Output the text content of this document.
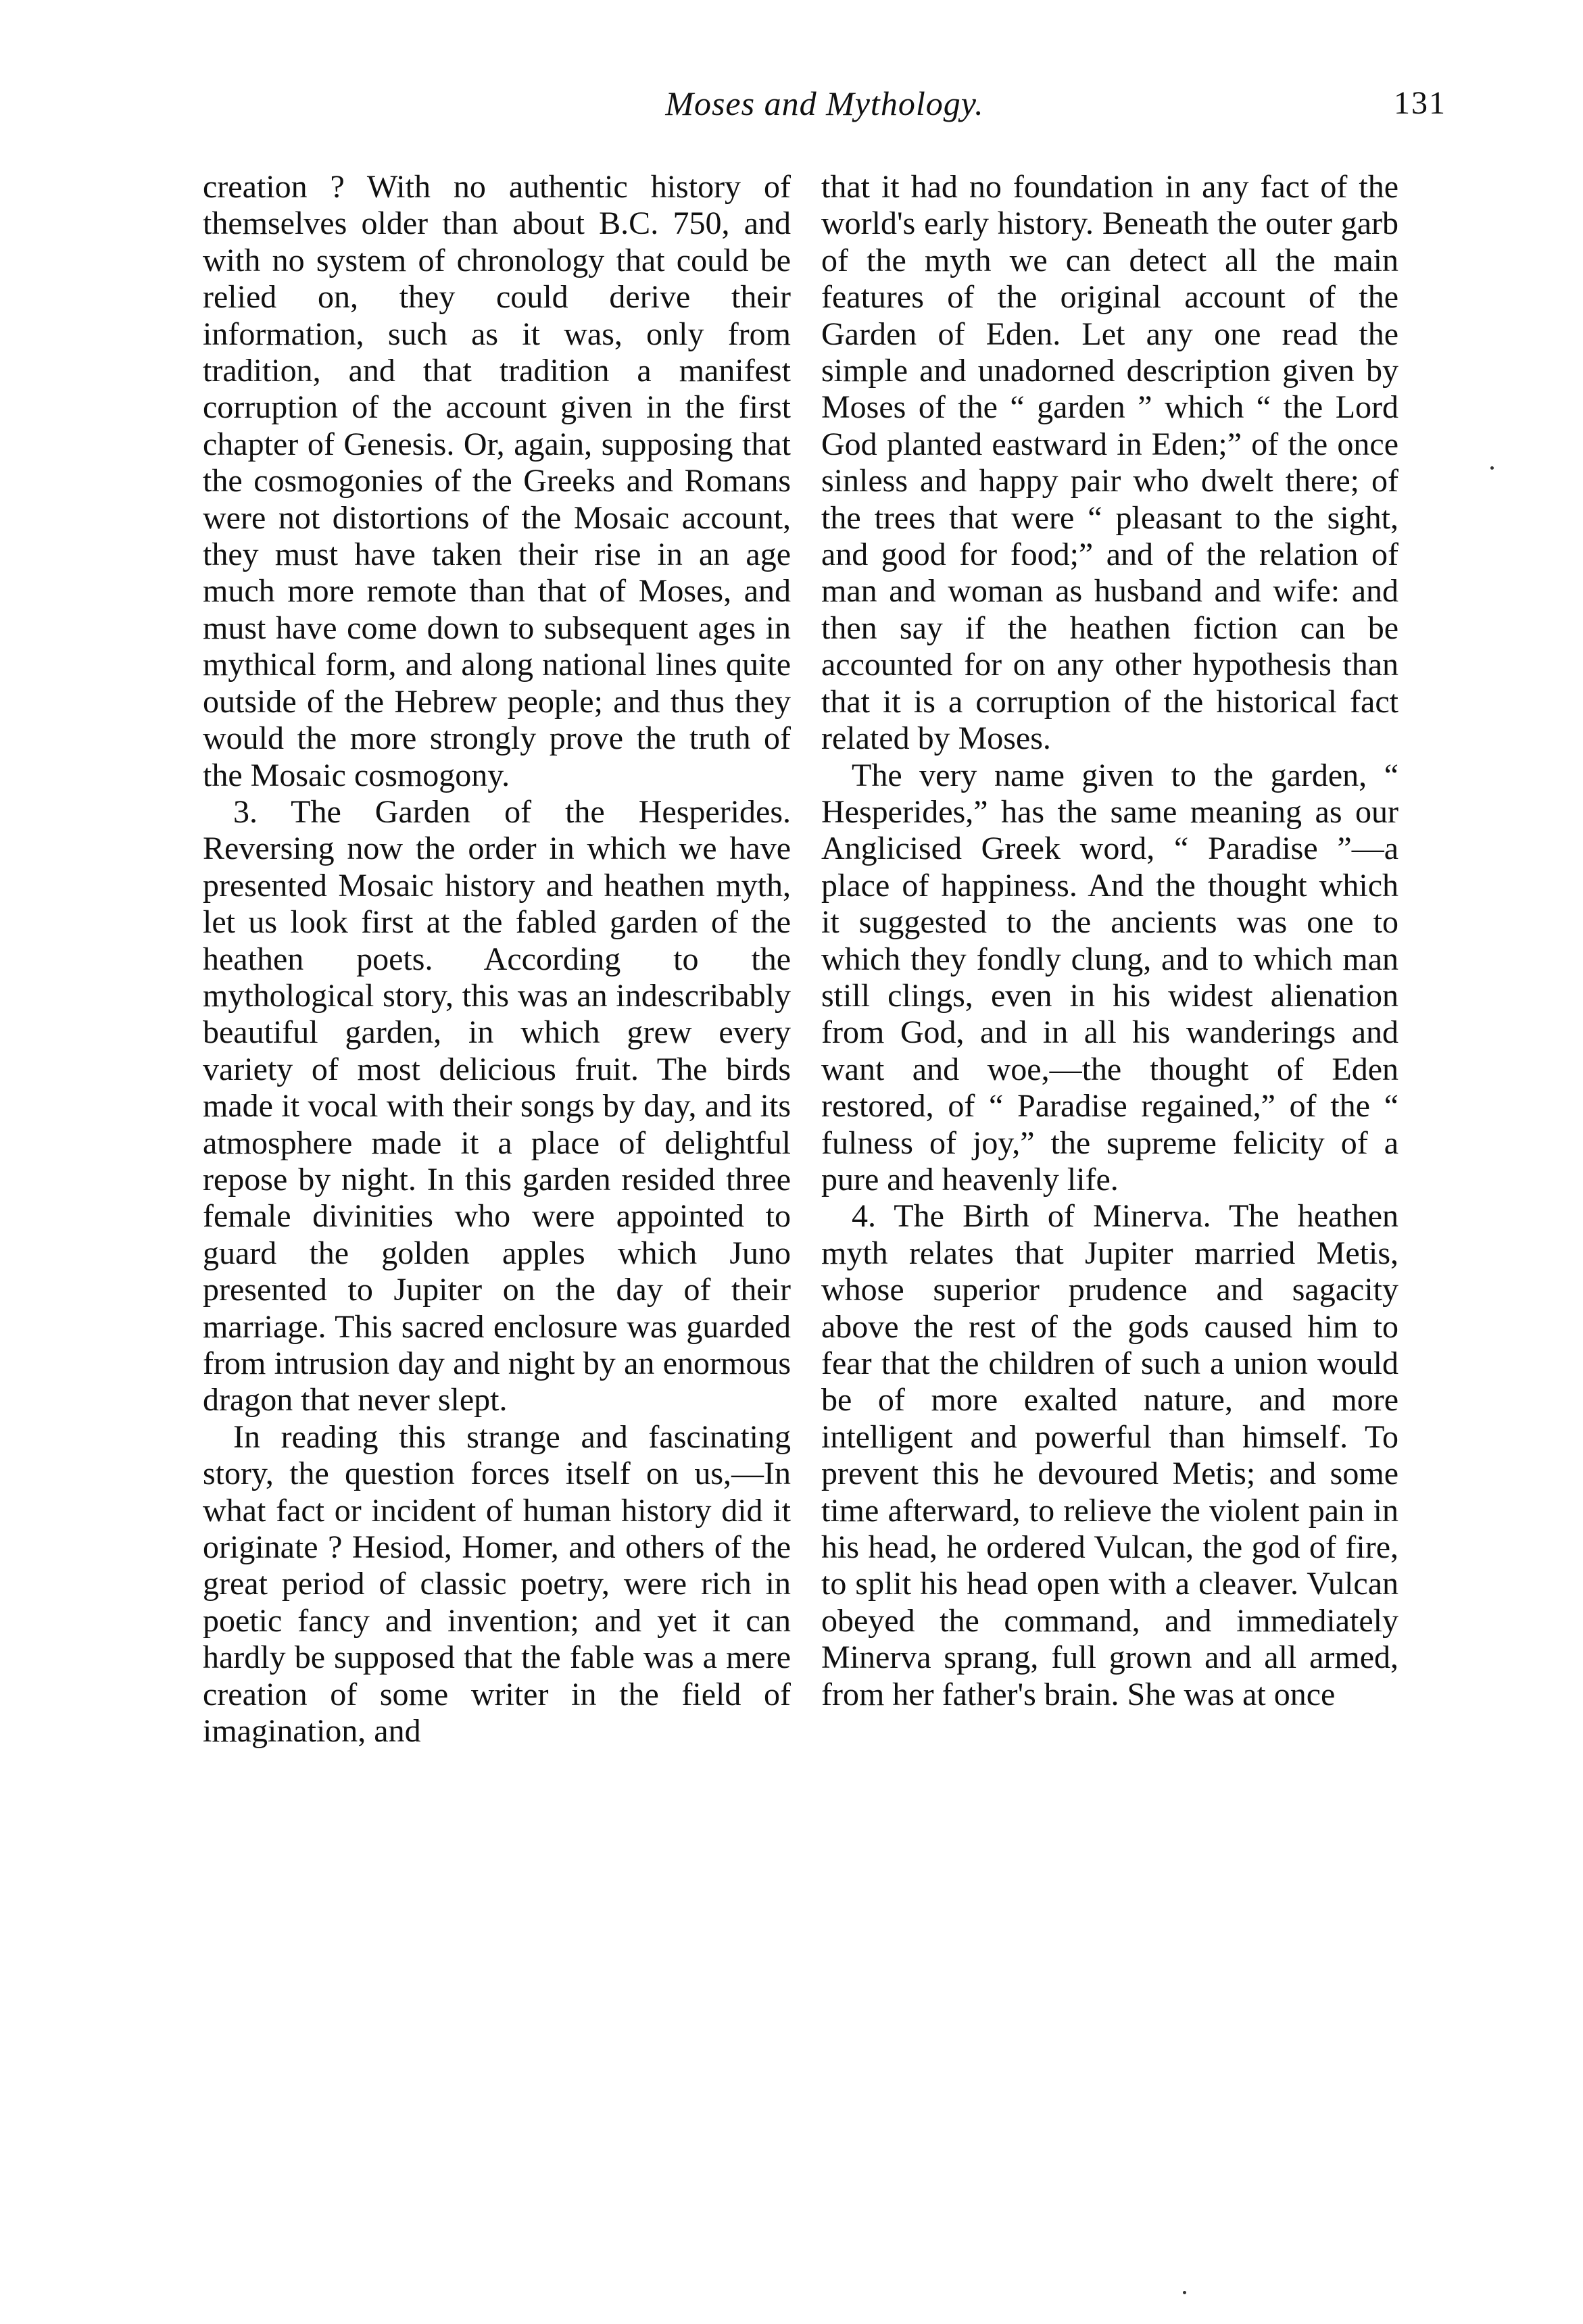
Moses and Mythology.	131

creation ? With no authentic history of themselves older than about B.C. 750, and with no system of chronology that could be relied on, they could derive their information, such as it was, only from tradition, and that tradition a manifest corruption of the account given in the first chapter of Genesis. Or, again, supposing that the cosmogonies of the Greeks and Romans were not distortions of the Mosaic account, they must have taken their rise in an age much more remote than that of Moses, and must have come down to subsequent ages in mythical form, and along national lines quite outside of the Hebrew people; and thus they would the more strongly prove the truth of the Mosaic cosmogony.

3. The Garden of the Hesperides. Reversing now the order in which we have presented Mosaic history and heathen myth, let us look first at the fabled garden of the heathen poets. According to the mythological story, this was an indescribably beautiful garden, in which grew every variety of most delicious fruit. The birds made it vocal with their songs by day, and its atmosphere made it a place of delightful repose by night. In this garden resided three female divinities who were appointed to guard the golden apples which Juno presented to Jupiter on the day of their marriage. This sacred enclosure was guarded from intrusion day and night by an enormous dragon that never slept.

In reading this strange and fascinating story, the question forces itself on us,—In what fact or incident of human history did it originate ? Hesiod, Homer, and others of the great period of classic poetry, were rich in poetic fancy and invention; and yet it can hardly be supposed that the fable was a mere creation of some writer in the field of imagination, and

that it had no foundation in any fact of the world's early history. Beneath the outer garb of the myth we can detect all the main features of the original account of the Garden of Eden. Let any one read the simple and unadorned description given by Moses of the “ garden ” which “ the Lord God planted eastward in Eden;” of the once sinless and happy pair who dwelt there; of the trees that were “ pleasant to the sight, and good for food;” and of the relation of man and woman as husband and wife: and then say if the heathen fiction can be accounted for on any other hypothesis than that it is a corruption of the historical fact related by Moses.

The very name given to the garden, “ Hesperides,” has the same meaning as our Anglicised Greek word, “ Paradise ”—a place of happiness. And the thought which it suggested to the ancients was one to which they fondly clung, and to which man still clings, even in his widest alienation from God, and in all his wanderings and want and woe,—the thought of Eden restored, of “ Paradise regained,” of the “ fulness of joy,” the supreme felicity of a pure and heavenly life.

4. The Birth of Minerva. The heathen myth relates that Jupiter married Metis, whose superior prudence and sagacity above the rest of the gods caused him to fear that the children of such a union would be of more exalted nature, and more intelligent and powerful than himself. To prevent this he devoured Metis; and some time afterward, to relieve the violent pain in his head, he ordered Vulcan, the god of fire, to split his head open with a cleaver. Vulcan obeyed the command, and immediately Minerva sprang, full grown and all armed, from her father's brain. She was at once
